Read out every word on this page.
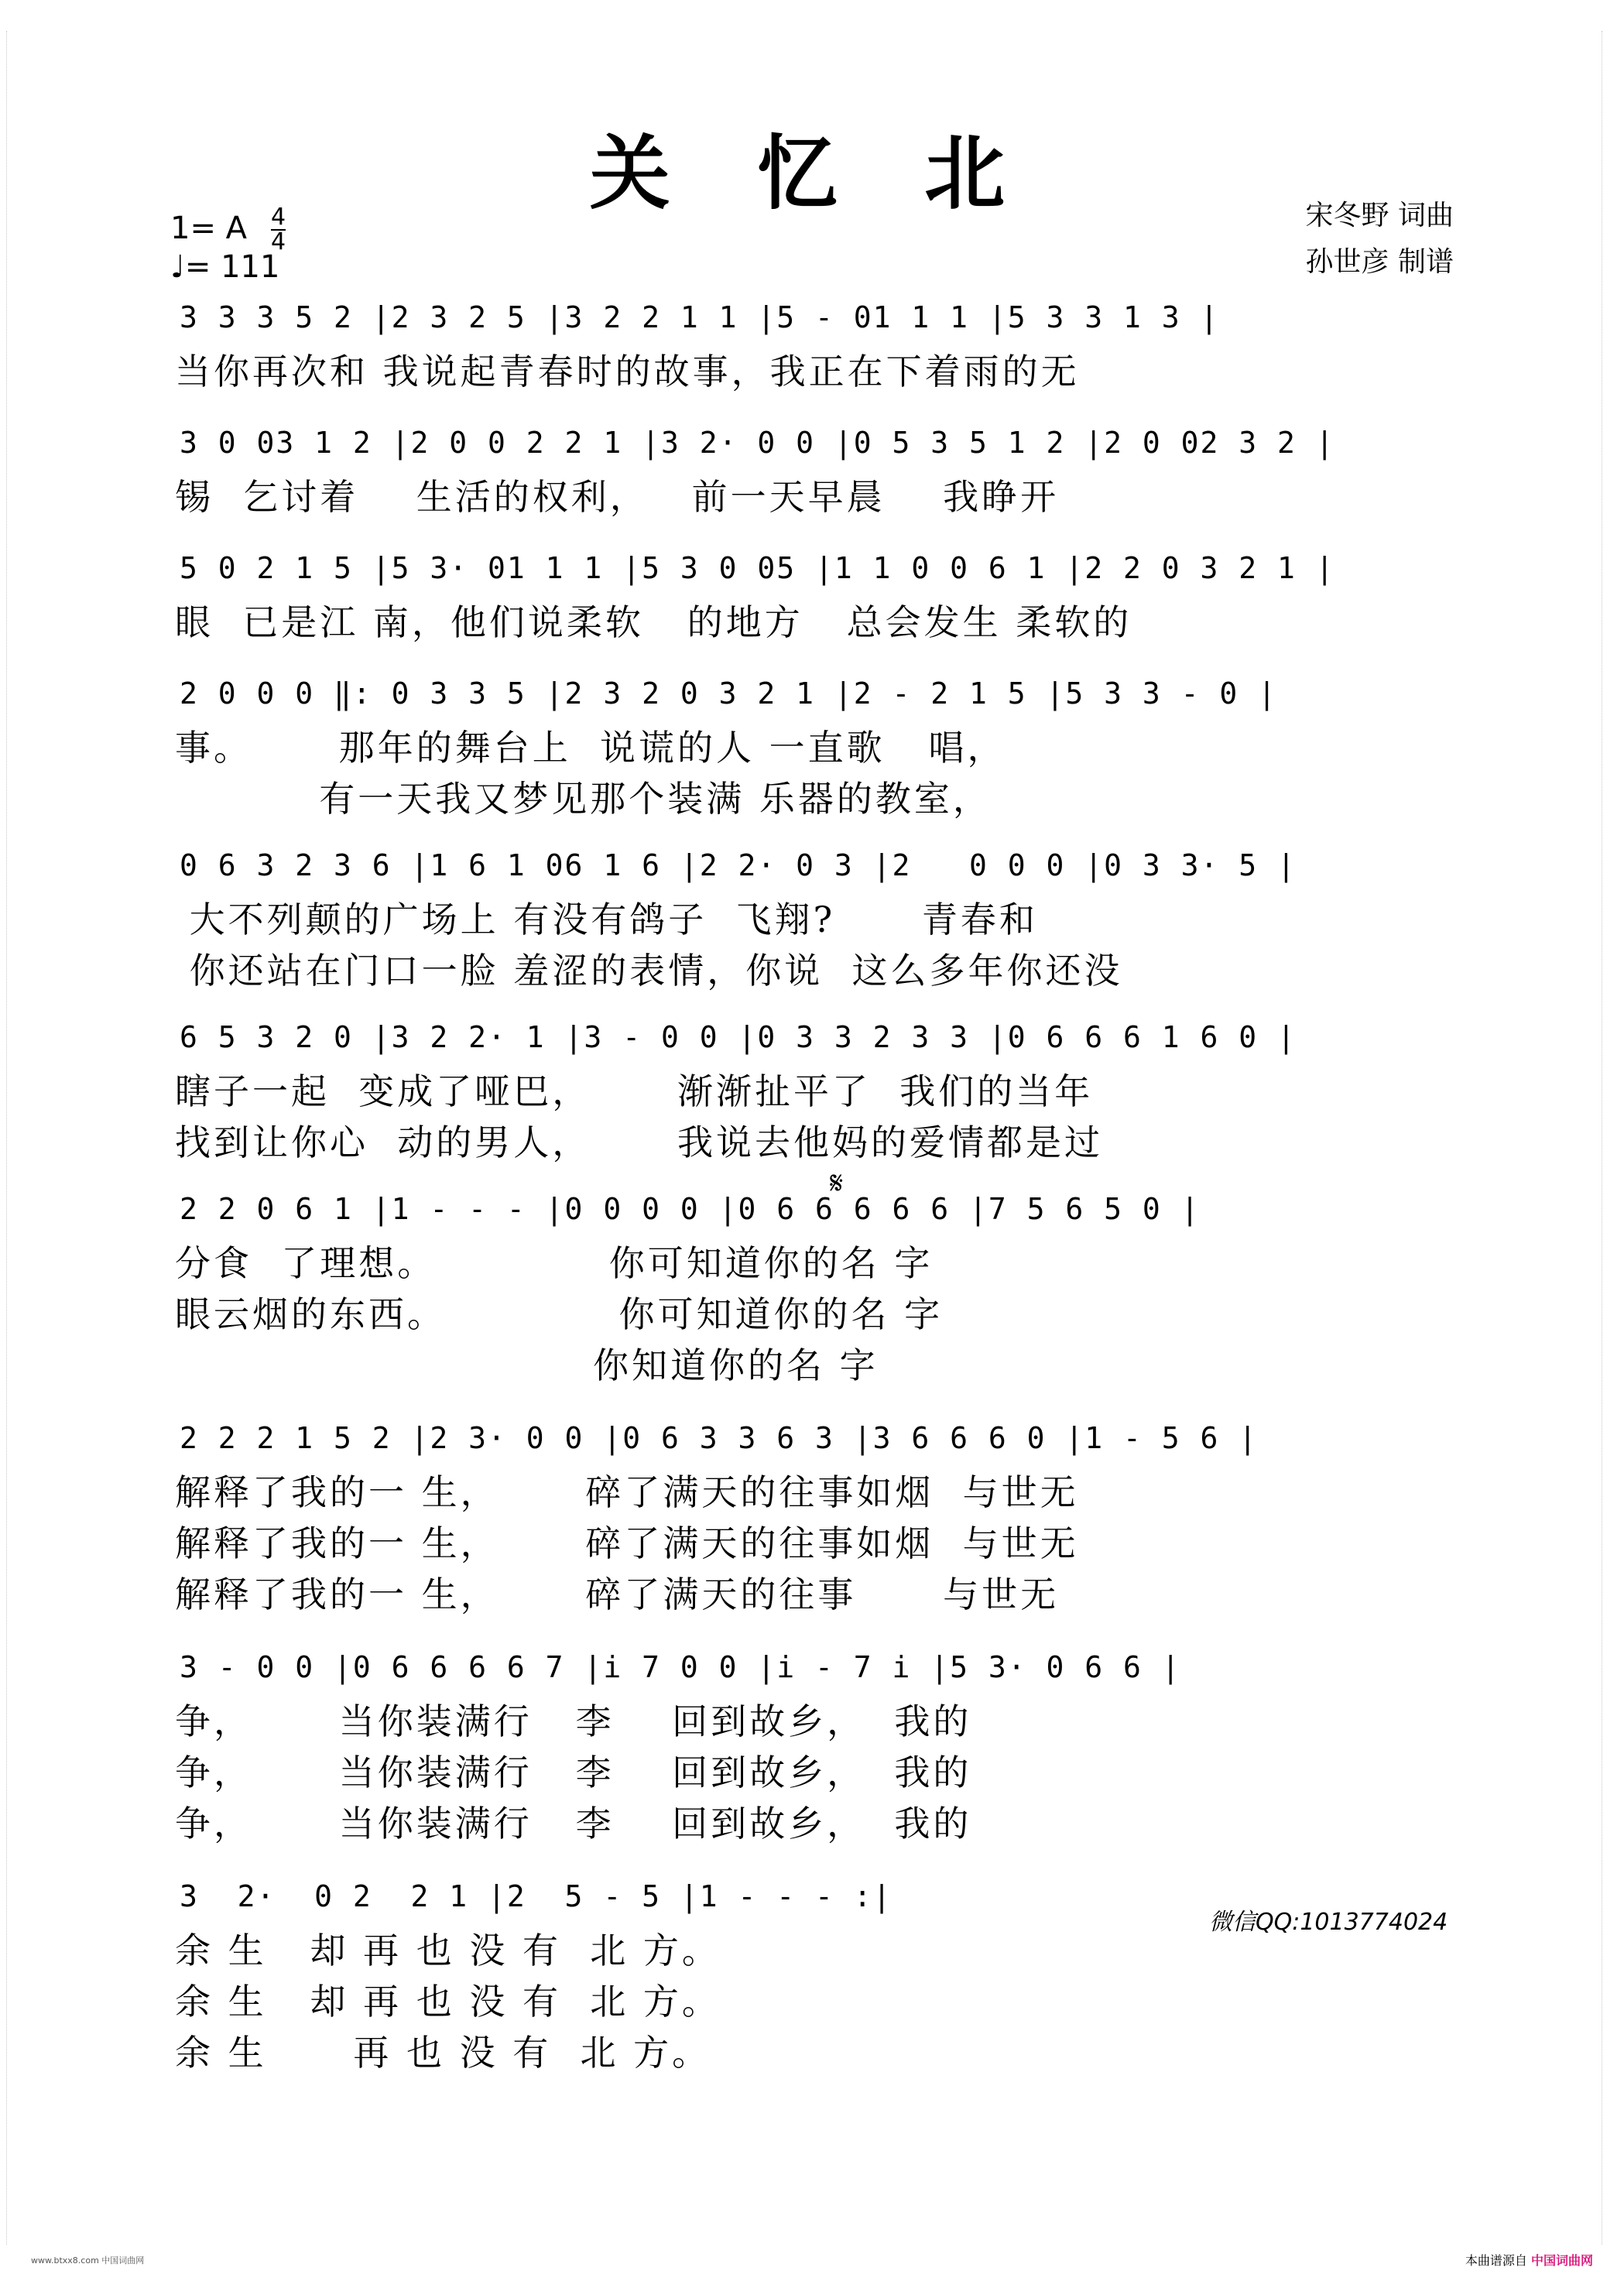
关 忆 北	宋冬野 词曲
孙世彦 制谱
1= A 4
4
♩= 111
3 3 3 5 2 |2 3 2 5 |3 2 2 1 1 |5 - 01 1 1 |5 3 3 1 3 |
当你再次和 我说起青春时的故事，我正在下着雨的无
3 0 03 1 2 |2 0 0 2 2 1 |3 2· 0 0 |0 5 3 5 1 2 |2 0 02 3 2 |
锡  乞讨着    生活的权利，   前一天早晨    我睁开
5 0 2 1 5 |5 3· 01 1 1 |5 3 0 05 |1 1 0 0 6 1 |2 2 0 3 2 1 |
眼  已是江 南，他们说柔软   的地方   总会发生 柔软的
2 0 0 0 ‖: 0 3 3 5 |2 3 2 0 3 2 1 |2 - 2 1 5 |5 3 3 - 0 |
事。      那年的舞台上  说谎的人 一直歌   唱，
有一天我又梦见那个装满 乐器的教室，
0 6 3 2 3 6 |1 6 1 06 1 6 |2 2· 0 3 |2   0 0 0 |0 3 3· 5 |
大不列颠的广场上 有没有鸽子  飞翔?      青春和
你还站在门口一脸 羞涩的表情，你说  这么多年你还没
6 5 3 2 0 |3 2 2· 1 |3 - 0 0 |0 3 3 2 3 3 |0 6 6 6 1 6 0 |
瞎子一起  变成了哑巴，      渐渐扯平了  我们的当年
找到让你心  动的男人，      我说去他妈的爱情都是过
2 2 0 6 1 |1 - - - |0 0 0 0 |0 6 6 6 6 6 |7 5 6 5 0 |
分食  了理想。            你可知道你的名 字
眼云烟的东西。            你可知道你的名 字
你知道你的名 字
2 2 2 1 5 2 |2 3· 0 0 |0 6 3 3 6 3 |3 6 6 6 0 |1 - 5 6 |
解释了我的一 生，      碎了满天的往事如烟  与世无
解释了我的一 生，      碎了满天的往事如烟  与世无
解释了我的一 生，      碎了满天的往事      与世无
3 - 0 0 |0 6 6 6 6 7 |i 7 0 0 |i - 7 i |5 3· 0 6 6 |
争，      当你装满行   李    回到故乡，  我的
争，      当你装满行   李    回到故乡，  我的
争，      当你装满行   李    回到故乡，  我的
3  2·  0 2  2 1 |2  5 - 5 |1 - - - :|
余 生   却 再 也 没 有  北 方。
余 生   却 再 也 没 有  北 方。
余 生      再 也 没 有  北 方。
𝄋
微信QQ:1013774024
www.btxx8.com 中国词曲网	本曲谱源自 中国词曲网
